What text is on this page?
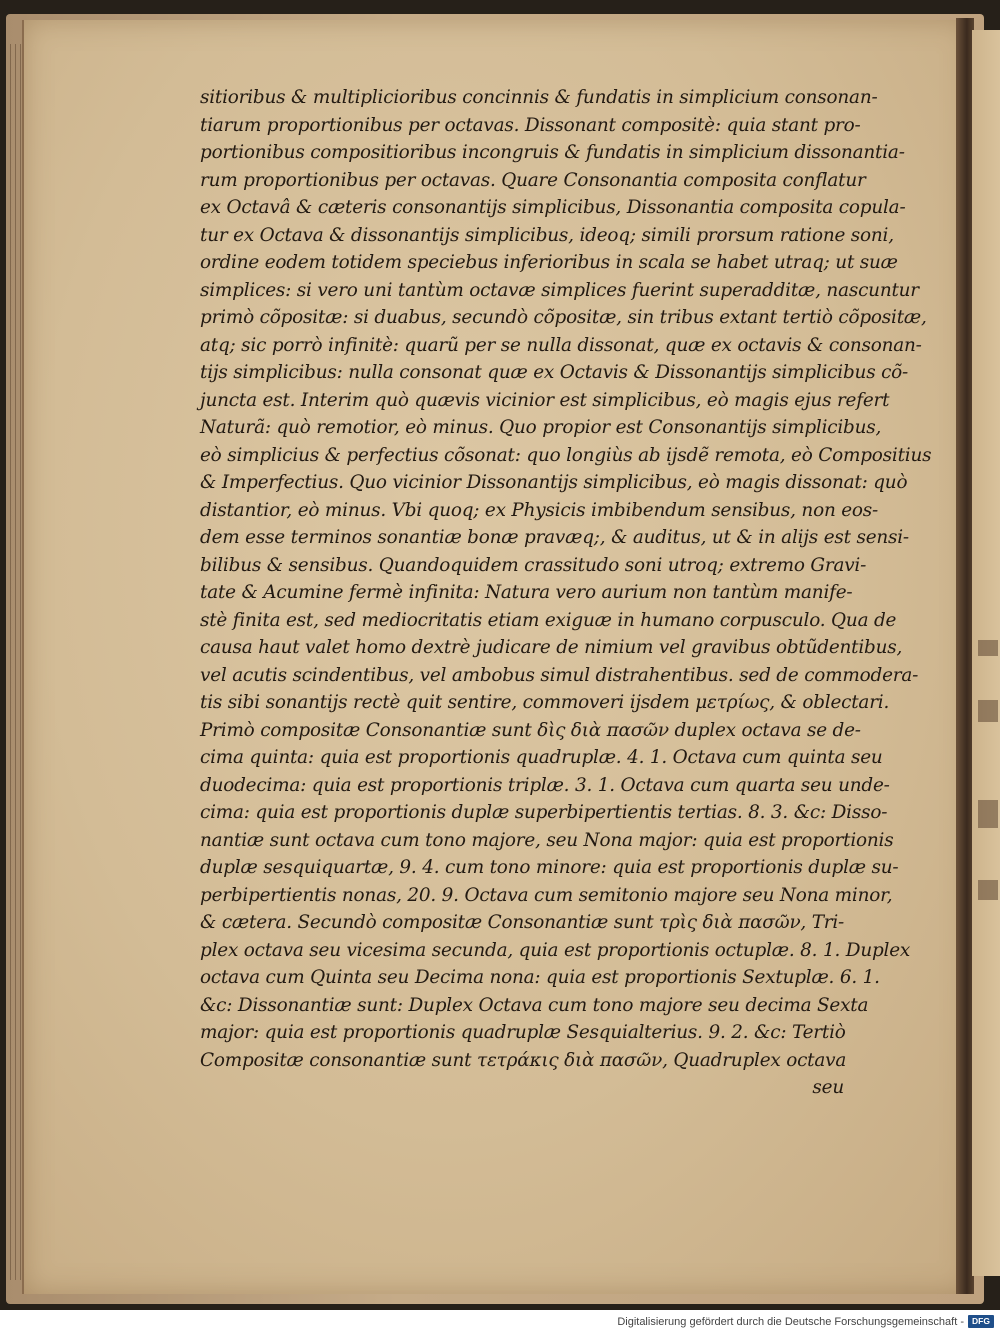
sitioribus & multiplicioribus concinnis & fundatis in simplicium consonan-
tiarum proportionibus per octavas. Dissonant compositè: quia stant pro-
portionibus compositioribus incongruis & fundatis in simplicium dissonantia-
rum proportionibus per octavas. Quare Consonantia composita conflatur
ex Octavâ & cæteris consonantijs simplicibus, Dissonantia composita copula-
tur ex Octava & dissonantijs simplicibus, ideoq; simili prorsum ratione soni,
ordine eodem totidem speciebus inferioribus in scala se habet utraq; ut suæ
simplices: si vero uni tantùm octavæ simplices fuerint superadditæ, nascuntur
primò cõpositæ: si duabus, secundò cõpositæ, sin tribus extant tertiò cõpositæ,
atq; sic porrò infinitè: quarũ per se nulla dissonat, quæ ex octavis & consonan-
tijs simplicibus: nulla consonat quæ ex Octavis & Dissonantijs simplicibus cõ-
juncta est. Interim quò quævis vicinior est simplicibus, eò magis ejus refert
Naturã: quò remotior, eò minus. Quo propior est Consonantijs simplicibus,
eò simplicius & perfectius cõsonat: quo longiùs ab ijsdẽ remota, eò Compositius
& Imperfectius. Quo vicinior Dissonantijs simplicibus, eò magis dissonat: quò
distantior, eò minus. Vbi quoq; ex Physicis imbibendum sensibus, non eos-
dem esse terminos sonantiæ bonæ pravæq;, & auditus, ut & in alijs est sensi-
bilibus & sensibus. Quandoquidem crassitudo soni utroq; extremo Gravi-
tate & Acumine fermè infinita: Natura vero aurium non tantùm manife-
stè finita est, sed mediocritatis etiam exiguæ in humano corpusculo. Qua de
causa haut valet homo dextrè judicare de nimium vel gravibus obtũdentibus,
vel acutis scindentibus, vel ambobus simul distrahentibus. sed de commodera-
tis sibi sonantijs rectè quit sentire, commoveri ijsdem μετρίως, & oblectari.
Primò compositæ Consonantiæ sunt δὶς διὰ πασῶν duplex octava se de-
cima quinta: quia est proportionis quadruplæ. 4. 1. Octava cum quinta seu
duodecima: quia est proportionis triplæ. 3. 1. Octava cum quarta seu unde-
cima: quia est proportionis duplæ superbipertientis tertias. 8. 3. &c: Disso-
nantiæ sunt octava cum tono majore, seu Nona major: quia est proportionis
duplæ sesquiquartæ, 9. 4. cum tono minore: quia est proportionis duplæ su-
perbipertientis nonas, 20. 9. Octava cum semitonio majore seu Nona minor,
& cætera. Secundò compositæ Consonantiæ sunt τρὶς διὰ πασῶν, Tri-
plex octava seu vicesima secunda, quia est proportionis octuplæ. 8. 1. Duplex
octava cum Quinta seu Decima nona: quia est proportionis Sextuplæ. 6. 1.
&c: Dissonantiæ sunt: Duplex Octava cum tono majore seu decima Sexta
major: quia est proportionis quadruplæ Sesquialterius. 9. 2. &c: Tertiò
Compositæ consonantiæ sunt τετράκις διὰ πασῶν, Quadruplex octava
seu
Digitalisierung gefördert durch die Deutsche Forschungsgemeinschaft - DFG
